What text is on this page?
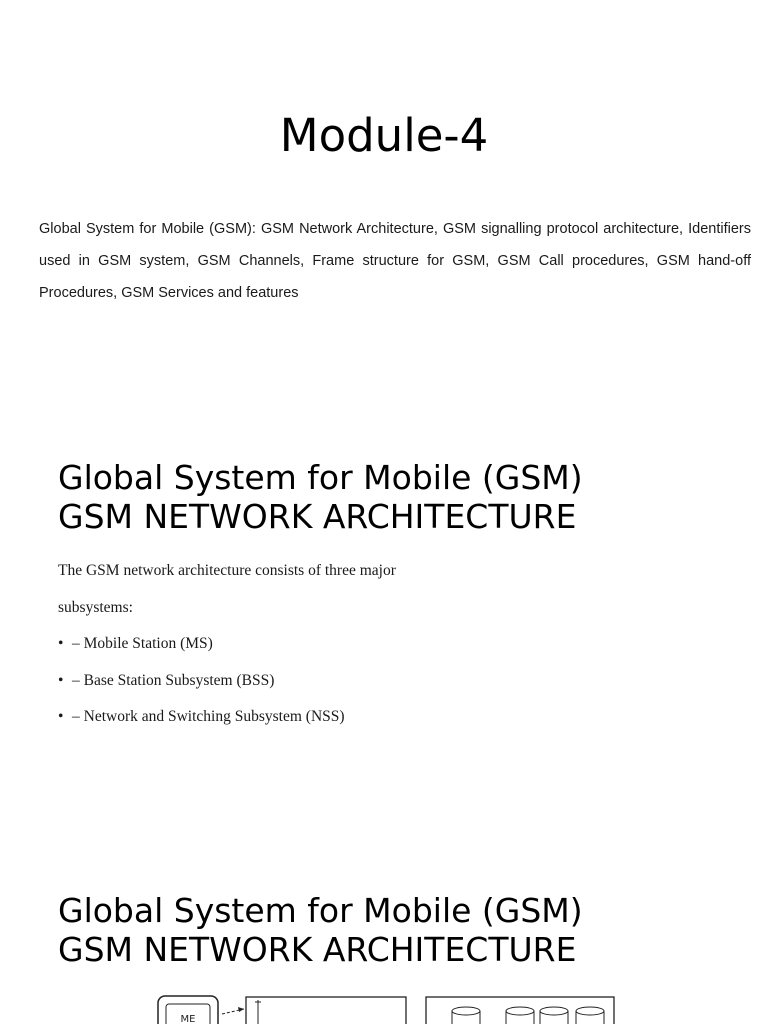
Module-4

Global System for Mobile (GSM): GSM Network Architecture, GSM signalling protocol architecture, Identifiers used in GSM system, GSM Channels, Frame structure for GSM, GSM Call procedures, GSM hand-off Procedures, GSM Services and features

Global System for Mobile (GSM)
GSM NETWORK ARCHITECTURE

The GSM network architecture consists of three major

subsystems:

• – Mobile Station (MS)
• – Base Station Subsystem (BSS)
• – Network and Switching Subsystem (NSS)
Global System for Mobile (GSM)
GSM NETWORK ARCHITECTURE
ME
